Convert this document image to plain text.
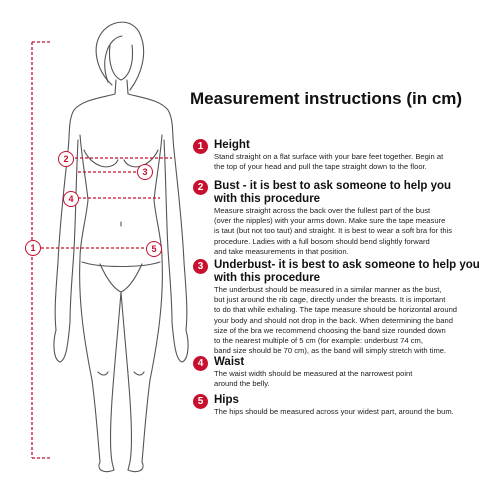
1
2
3
4
5
Measurement instructions (in cm)
1 Height
Stand straight on a flat surface with your bare feet together. Begin at
the top of your head and pull the tape straight down to the floor.
2 Bust - it is best to ask someone to help you
with this procedure
Measure straight across the back over the fullest part of the bust
(over the nipples) with your arms down. Make sure the tape measure
is taut (but not too taut) and straight. It is best to wear a soft bra for this
procedure. Ladies with a full bosom should bend slightly forward
and take measurements in that position.
3 Underbust- it is best to ask someone to help you
with this procedure
The underbust should be measured in a similar manner as the bust,
but just around the rib cage, directly under the breasts. It is important
to do that while exhaling. The tape measure should be horizontal around
your body and should not drop in the back. When determining the band
size of the bra we recommend choosing the band size rounded down
to the nearest multiple of 5 cm (for example: underbust 74 cm,
band size should be 70 cm), as the band will simply stretch with time.
4 Waist
The waist width should be measured at the narrowest point
around the belly.
5 Hips
The hips should be measured across your widest part, around the bum.
